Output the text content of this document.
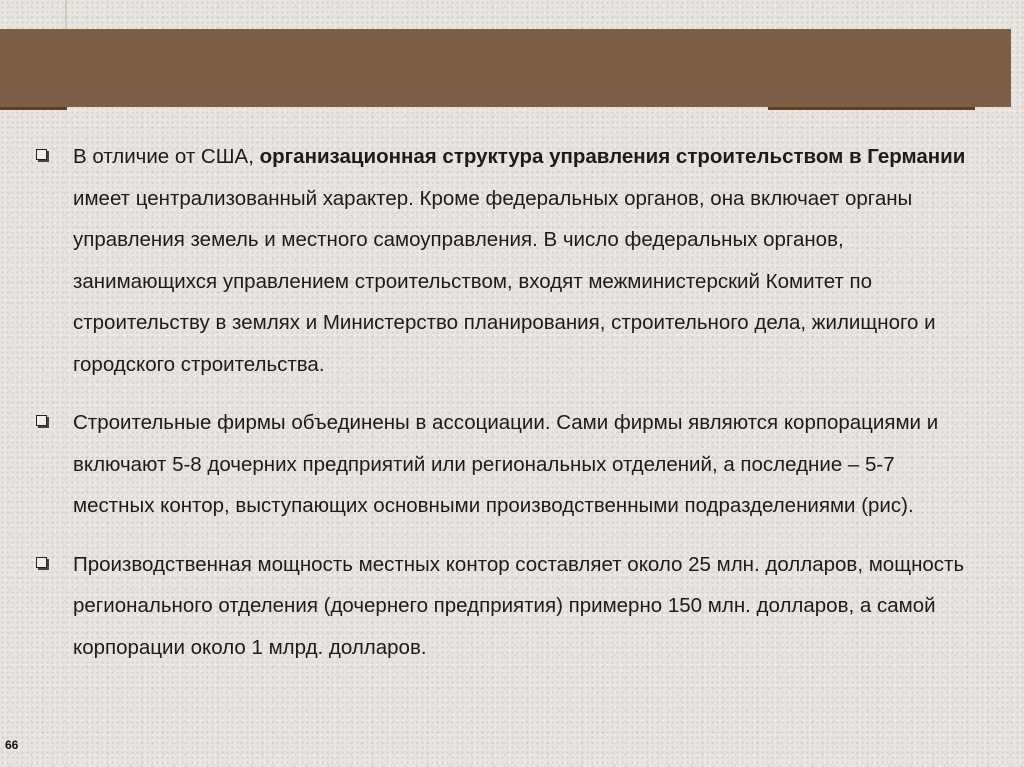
В отличие от США, организационная структура управления строительством в Германии имеет централизованный характер. Кроме федеральных органов, она включает органы управления земель и местного самоуправления. В число федеральных органов, занимающихся управлением строительством, входят межминистерский Комитет по строительству в землях и Министерство планирования, строительного дела, жилищного и городского строительства.
Строительные фирмы объединены в ассоциации. Сами фирмы являются корпорациями и включают 5-8 дочерних предприятий или региональных отделений, а последние – 5-7 местных контор, выступающих основными производственными подразделениями (рис).
Производственная мощность местных контор составляет около 25 млн. долларов, мощность регионального отделения (дочернего предприятия) примерно 150 млн. долларов, а самой корпорации около 1 млрд. долларов.
66
